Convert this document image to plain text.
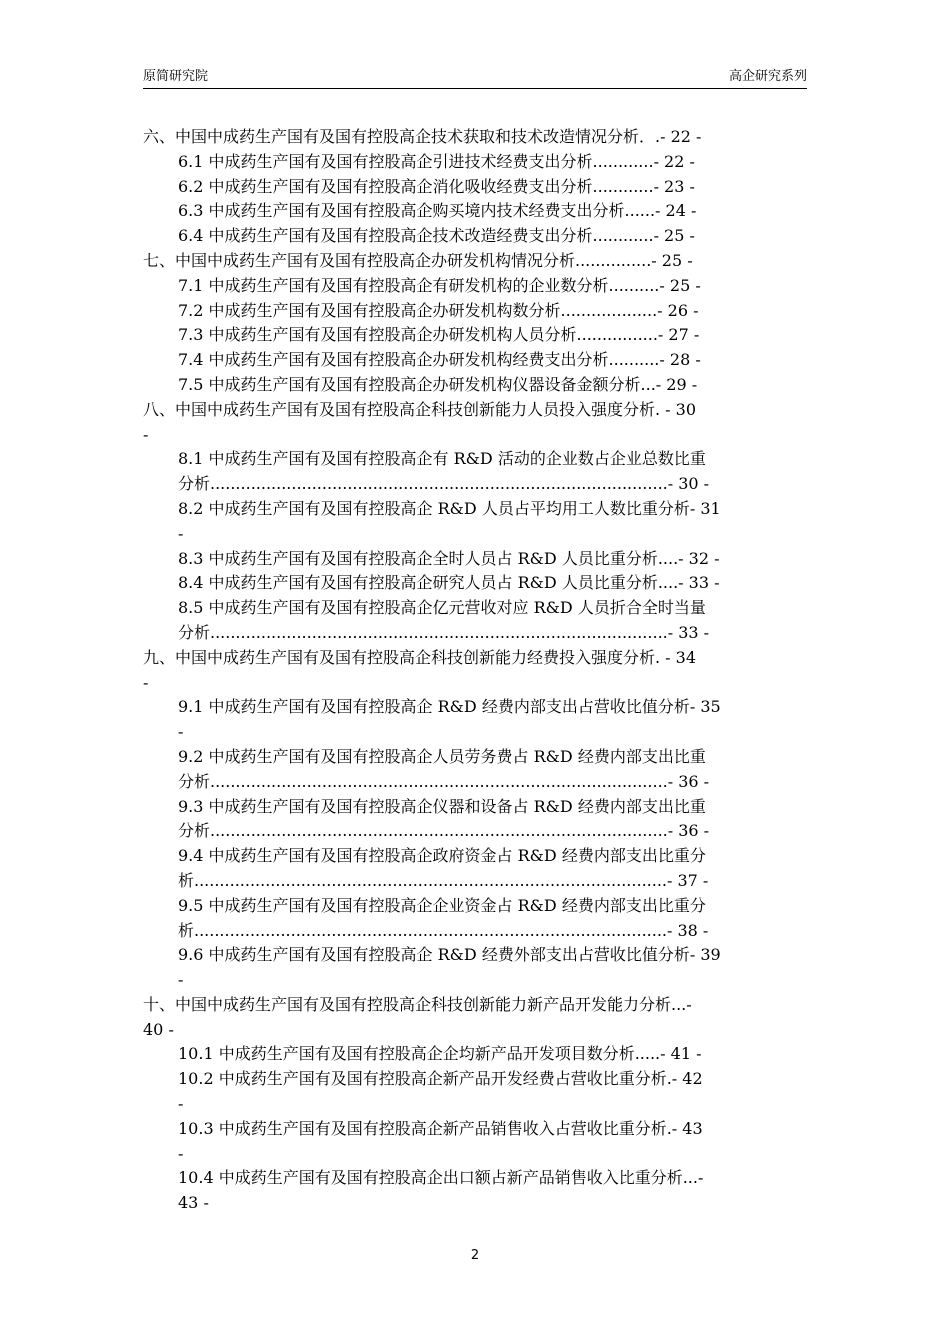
原简研究院	高企研究系列
六、中国中成药生产国有及国有控股高企技术获取和技术改造情况分析．.- 22 -
6.1 中成药生产国有及国有控股高企引进技术经费支出分析............- 22 -
6.2 中成药生产国有及国有控股高企消化吸收经费支出分析............- 23 -
6.3 中成药生产国有及国有控股高企购买境内技术经费支出分析......- 24 -
6.4 中成药生产国有及国有控股高企技术改造经费支出分析............- 25 -
七、中国中成药生产国有及国有控股高企办研发机构情况分析...............- 25 -
7.1 中成药生产国有及国有控股高企有研发机构的企业数分析..........- 25 -
7.2 中成药生产国有及国有控股高企办研发机构数分析...................- 26 -
7.3 中成药生产国有及国有控股高企办研发机构人员分析................- 27 -
7.4 中成药生产国有及国有控股高企办研发机构经费支出分析..........- 28 -
7.5 中成药生产国有及国有控股高企办研发机构仪器设备金额分析...- 29 -
八、中国中成药生产国有及国有控股高企科技创新能力人员投入强度分析. - 30
-
8.1 中成药生产国有及国有控股高企有 R&D 活动的企业数占企业总数比重
分析..........................................................................................- 30 -
8.2 中成药生产国有及国有控股高企 R&D 人员占平均用工人数比重分析- 31
-
8.3 中成药生产国有及国有控股高企全时人员占 R&D 人员比重分析....- 32 -
8.4 中成药生产国有及国有控股高企研究人员占 R&D 人员比重分析....- 33 -
8.5 中成药生产国有及国有控股高企亿元营收对应 R&D 人员折合全时当量
分析..........................................................................................- 33 -
九、中国中成药生产国有及国有控股高企科技创新能力经费投入强度分析. - 34
-
9.1 中成药生产国有及国有控股高企 R&D 经费内部支出占营收比值分析- 35
-
9.2 中成药生产国有及国有控股高企人员劳务费占 R&D 经费内部支出比重
分析..........................................................................................- 36 -
9.3 中成药生产国有及国有控股高企仪器和设备占 R&D 经费内部支出比重
分析..........................................................................................- 36 -
9.4 中成药生产国有及国有控股高企政府资金占 R&D 经费内部支出比重分
析.............................................................................................- 37 -
9.5 中成药生产国有及国有控股高企企业资金占 R&D 经费内部支出比重分
析.............................................................................................- 38 -
9.6 中成药生产国有及国有控股高企 R&D 经费外部支出占营收比值分析- 39
-
十、中国中成药生产国有及国有控股高企科技创新能力新产品开发能力分析...-
40 -
10.1 中成药生产国有及国有控股高企企均新产品开发项目数分析.....- 41 -
10.2 中成药生产国有及国有控股高企新产品开发经费占营收比重分析.- 42
-
10.3 中成药生产国有及国有控股高企新产品销售收入占营收比重分析.- 43
-
10.4 中成药生产国有及国有控股高企出口额占新产品销售收入比重分析...-
43 -
2
